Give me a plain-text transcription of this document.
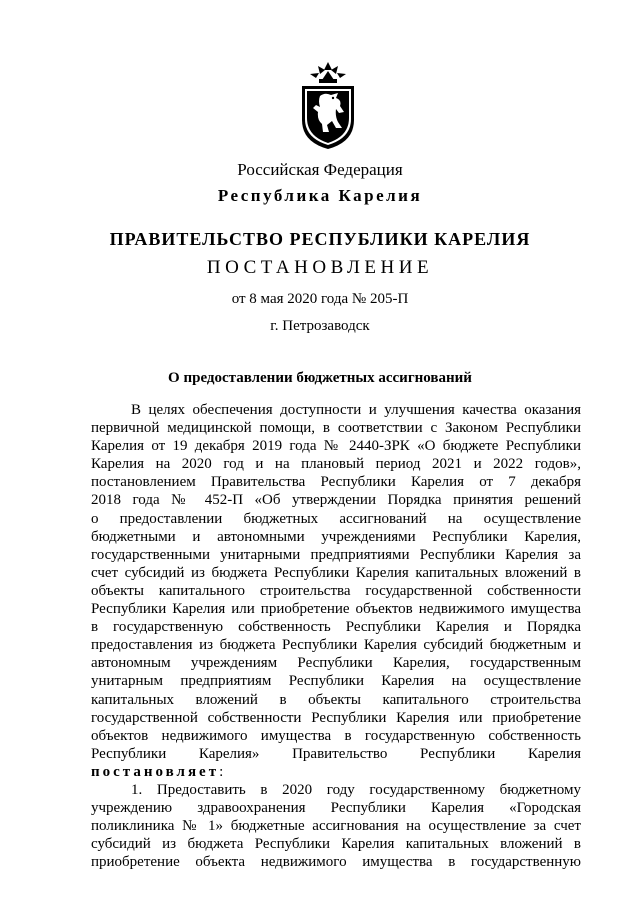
Российская Федерация
Республика Карелия
ПРАВИТЕЛЬСТВО РЕСПУБЛИКИ КАРЕЛИЯ
ПОСТАНОВЛЕНИЕ
от 8 мая 2020 года № 205-П
г. Петрозаводск
О предоставлении бюджетных ассигнований

В целях обеспечения доступности и улучшения качества оказания

первичной медицинской помощи, в соответствии с Законом Республики

Карелия от 19 декабря 2019 года № 2440-ЗРК «О бюджете Республики

Карелия на 2020 год и на плановый период 2021 и 2022 годов»,

постановлением Правительства Республики Карелия от 7 декабря

2018 года № 452-П «Об утверждении Порядка принятия решений

о предоставлении бюджетных ассигнований на осуществление

бюджетными и автономными учреждениями Республики Карелия,

государственными унитарными предприятиями Республики Карелия за

счет субсидий из бюджета Республики Карелия капитальных вложений в

объекты капитального строительства государственной собственности

Республики Карелия или приобретение объектов недвижимого имущества

в государственную собственность Республики Карелия и Порядка

предоставления из бюджета Республики Карелия субсидий бюджетным и

автономным учреждениям Республики Карелия, государственным

унитарным предприятиям Республики Карелия на осуществление

капитальных вложений в объекты капитального строительства

государственной собственности Республики Карелия или приобретение

объектов недвижимого имущества в государственную собственность

Республики Карелия» Правительство Республики Карелия

постановляет:

1. Предоставить в 2020 году государственному бюджетному

учреждению здравоохранения Республики Карелия «Городская

поликлиника № 1» бюджетные ассигнования на осуществление за счет

субсидий из бюджета Республики Карелия капитальных вложений в

приобретение объекта недвижимого имущества в государственную
